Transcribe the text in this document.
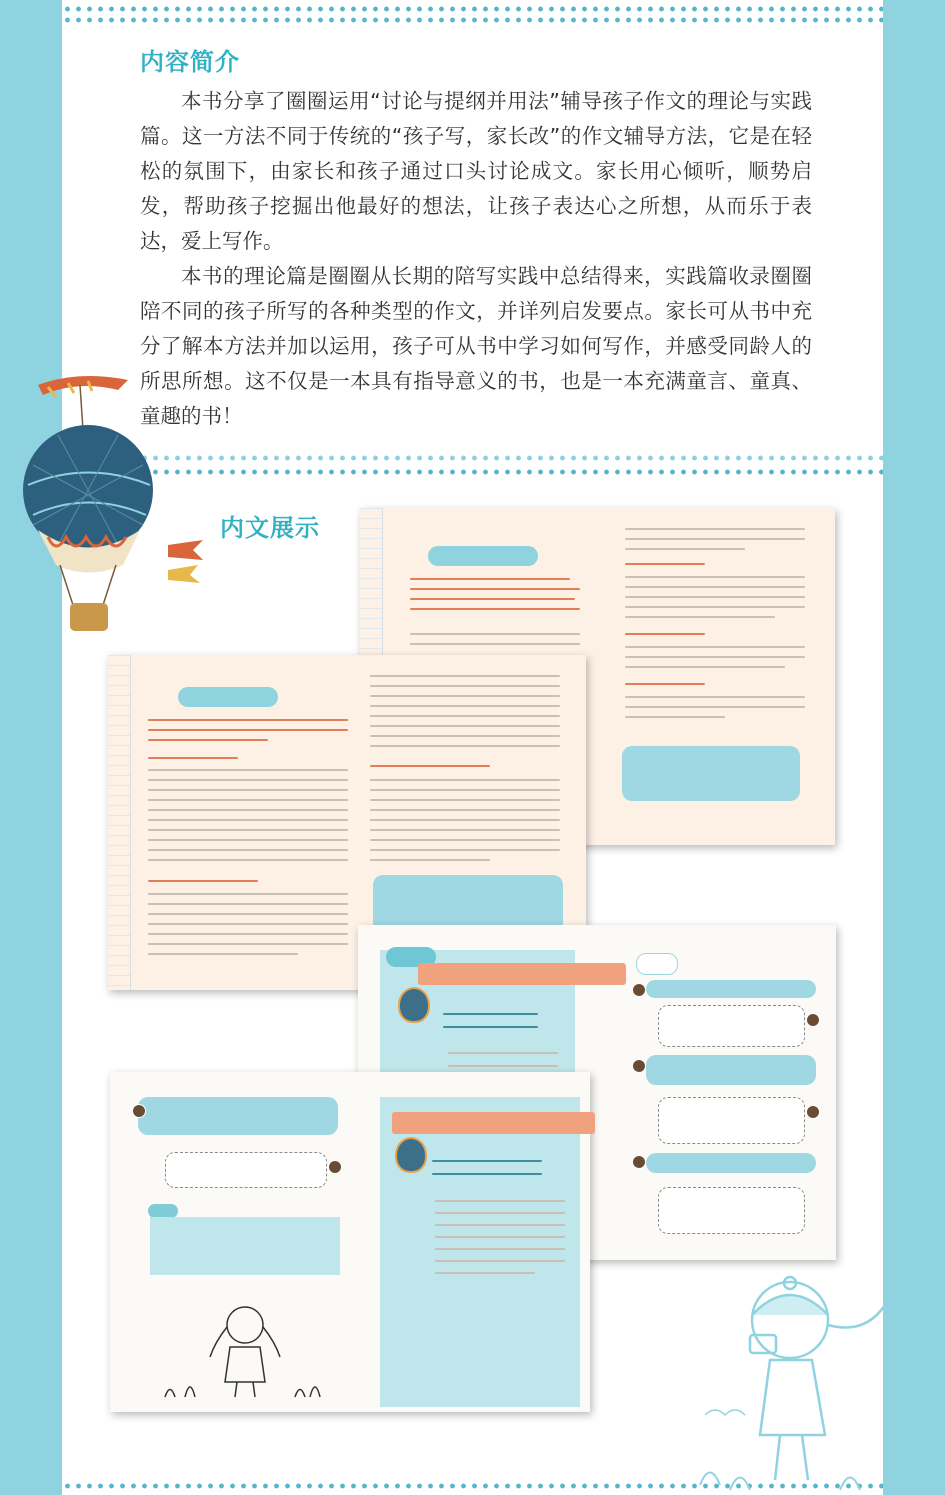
内容简介

本书分享了圈圈运用“讨论与提纲并用法”辅导孩子作文的理论与实践篇。这一方法不同于传统的“孩子写，家长改”的作文辅导方法，它是在轻松的氛围下，由家长和孩子通过口头讨论成文。家长用心倾听，顺势启发，帮助孩子挖掘出他最好的想法，让孩子表达心之所想，从而乐于表达，爱上写作。

本书的理论篇是圈圈从长期的陪写实践中总结得来，实践篇收录圈圈陪不同的孩子所写的各种类型的作文，并详列启发要点。家长可从书中充分了解本方法并加以运用，孩子可从书中学习如何写作，并感受同龄人的所思所想。这不仅是一本具有指导意义的书，也是一本充满童言、童真、童趣的书！

内文展示
